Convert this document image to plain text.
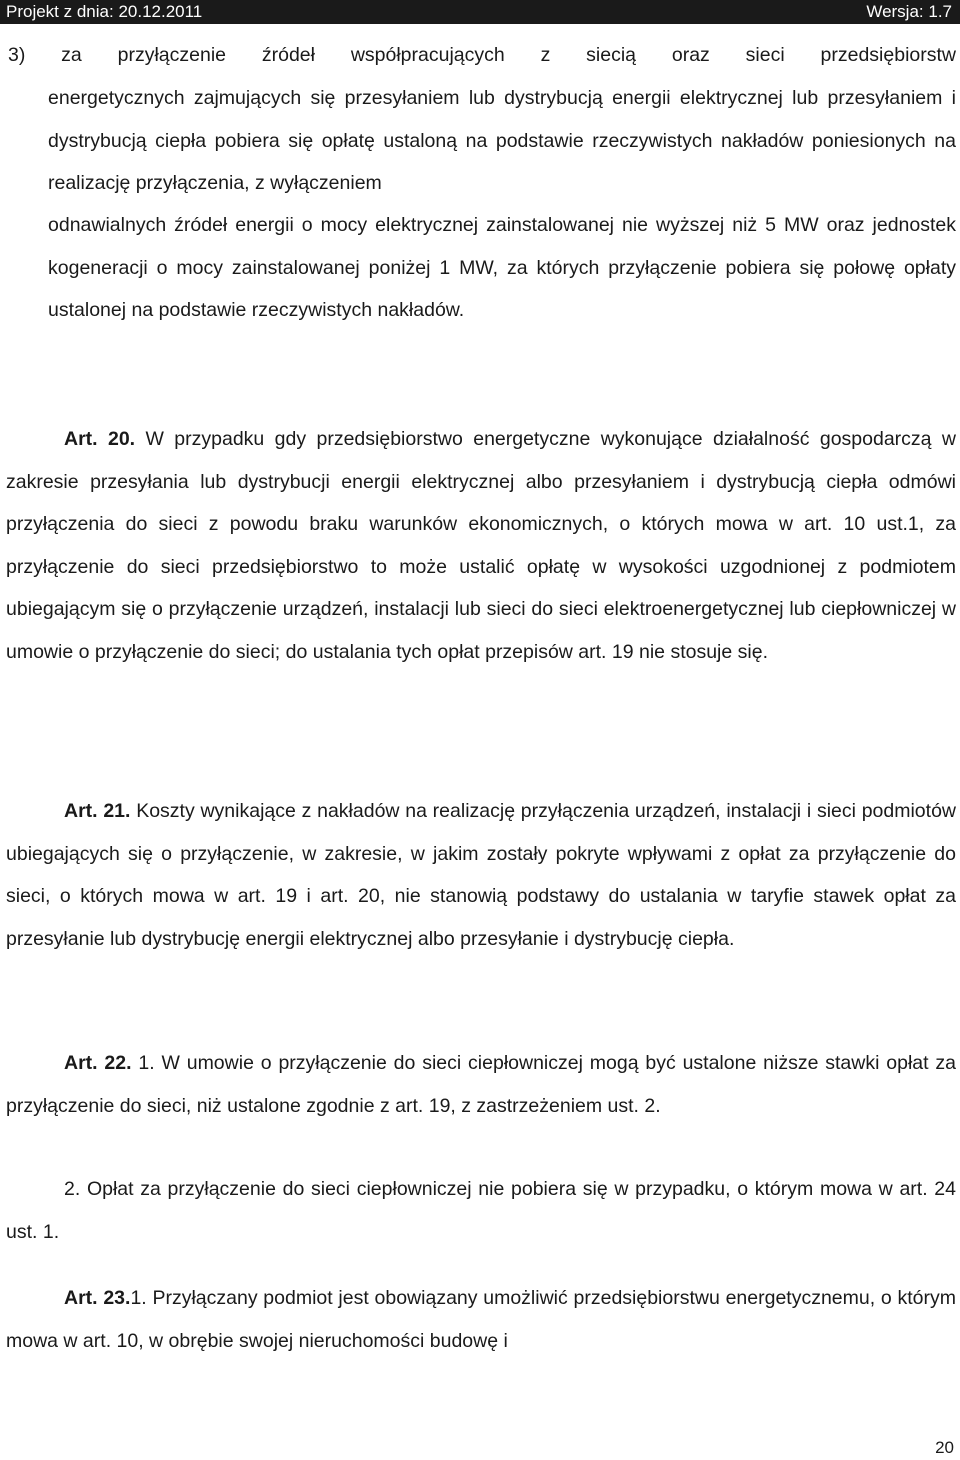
Projekt z dnia: 20.12.2011	Wersja: 1.7

3) za przyłączenie źródeł współpracujących z siecią oraz sieci przedsiębiorstw

energetycznych zajmujących się przesyłaniem lub dystrybucją energii elektrycznej lub przesyłaniem i dystrybucją ciepła pobiera się opłatę ustaloną na podstawie rzeczywistych nakładów poniesionych na realizację przyłączenia, z wyłączeniem

odnawialnych źródeł energii o mocy elektrycznej zainstalowanej nie wyższej niż 5 MW oraz jednostek kogeneracji o mocy zainstalowanej poniżej 1 MW, za których przyłączenie pobiera się połowę opłaty ustalonej na podstawie rzeczywistych nakładów.

Art. 20. W przypadku gdy przedsiębiorstwo energetyczne wykonujące działalność gospodarczą w zakresie przesyłania lub dystrybucji energii elektrycznej albo przesyłaniem i dystrybucją ciepła odmówi przyłączenia do sieci z powodu braku warunków ekonomicznych, o których mowa w art. 10 ust.1, za przyłączenie do sieci przedsiębiorstwo to może ustalić opłatę w wysokości uzgodnionej z podmiotem ubiegającym się o przyłączenie urządzeń, instalacji lub sieci do sieci elektroenergetycznej lub ciepłowniczej w umowie o przyłączenie do sieci; do ustalania tych opłat przepisów art. 19 nie stosuje się.

Art. 21. Koszty wynikające z nakładów na realizację przyłączenia urządzeń, instalacji i sieci podmiotów ubiegających się o przyłączenie, w zakresie, w jakim zostały pokryte wpływami z opłat za przyłączenie do sieci, o których mowa w art. 19 i art. 20, nie stanowią podstawy do ustalania w taryfie stawek opłat za przesyłanie lub dystrybucję energii elektrycznej albo przesyłanie i dystrybucję ciepła.

Art. 22. 1. W umowie o przyłączenie do sieci ciepłowniczej mogą być ustalone niższe stawki opłat za przyłączenie do sieci, niż ustalone zgodnie z art. 19, z zastrzeżeniem ust. 2.

2. Opłat za przyłączenie do sieci ciepłowniczej nie pobiera się w przypadku, o którym mowa w art. 24 ust. 1.

Art. 23.1. Przyłączany podmiot jest obowiązany umożliwić przedsiębiorstwu energetycznemu, o którym mowa w art. 10, w obrębie swojej nieruchomości budowę i

20
